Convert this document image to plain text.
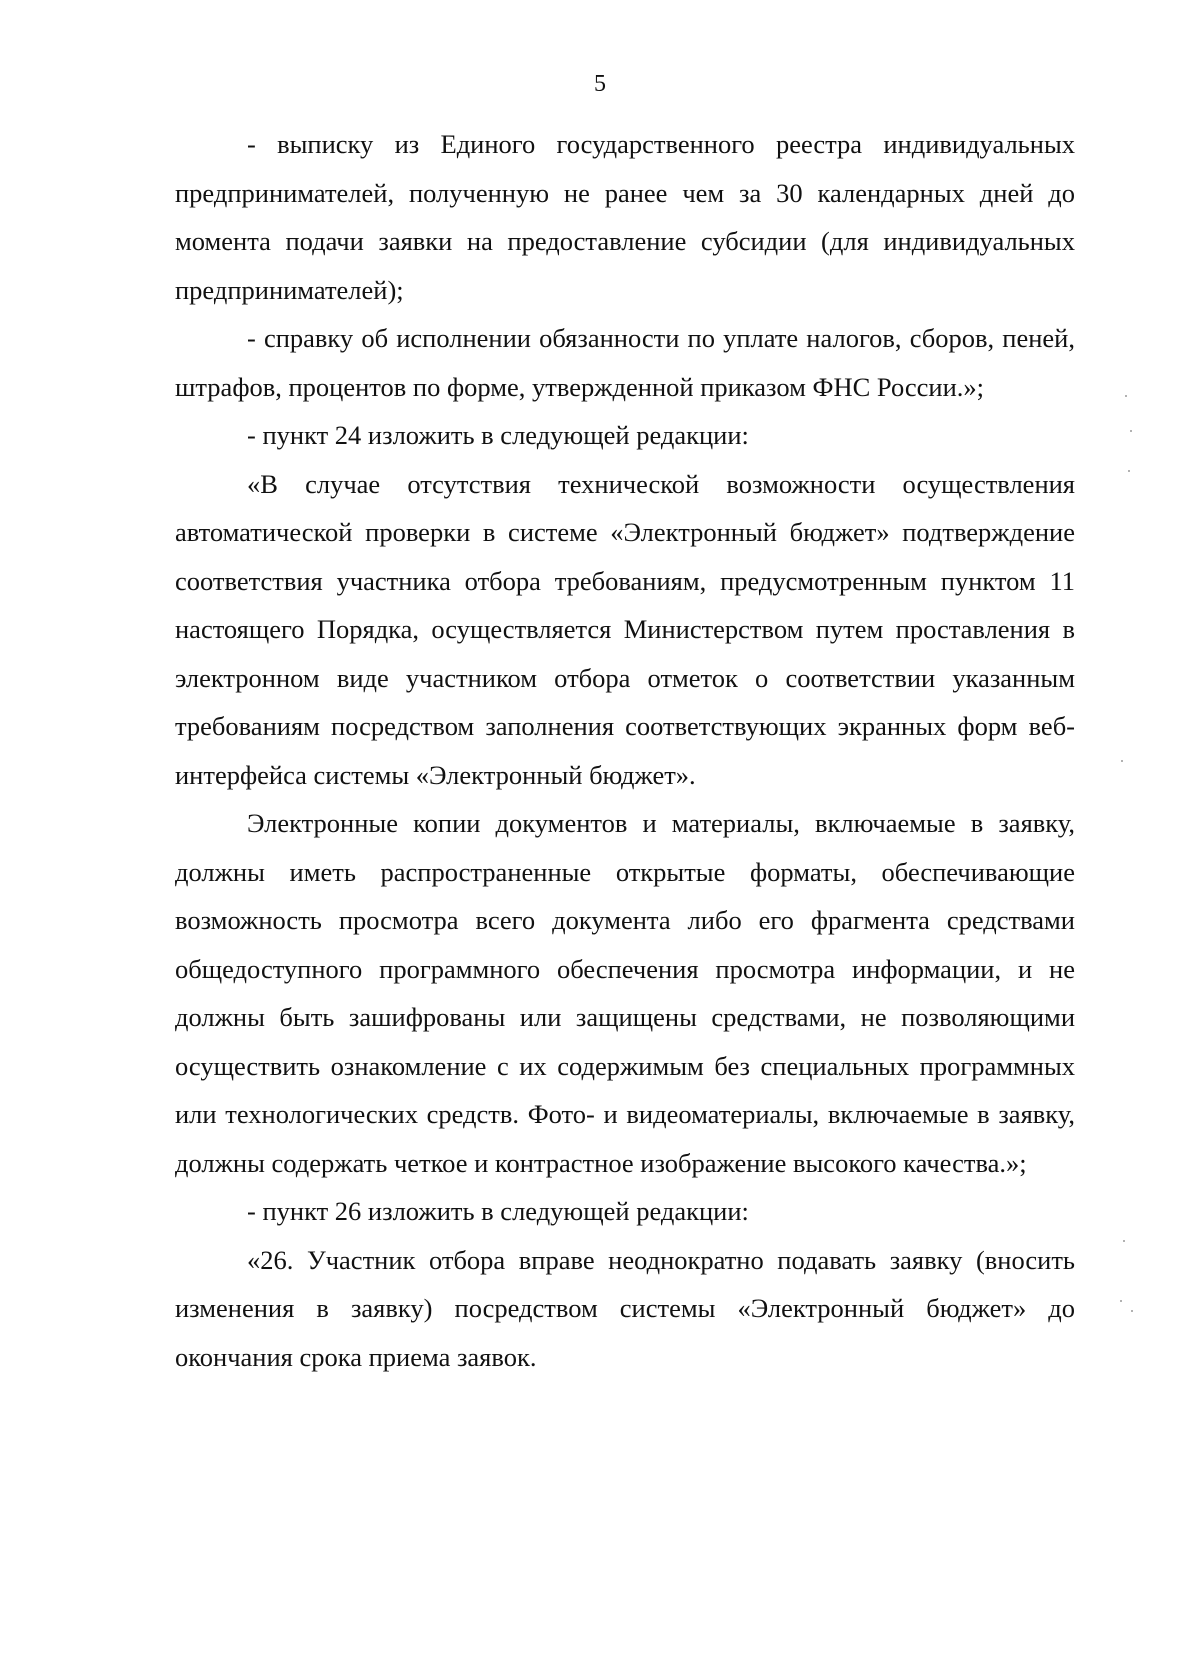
5

- выписку из Единого государственного реестра индивидуальных предпринимателей, полученную не ранее чем за 30 календарных дней до момента подачи заявки на предоставление субсидии (для индивидуальных предпринимателей);

- справку об исполнении обязанности по уплате налогов, сборов, пеней, штрафов, процентов по форме, утвержденной приказом ФНС России.»;

- пункт 24 изложить в следующей редакции:

«В случае отсутствия технической возможности осуществления автоматической проверки в системе «Электронный бюджет» подтверждение соответствия участника отбора требованиям, предусмотренным пунктом 11 настоящего Порядка, осуществляется Министерством путем проставления в электронном виде участником отбора отметок о соответствии указанным требованиям посредством заполнения соответствующих экранных форм веб-интерфейса системы «Электронный бюджет».

Электронные копии документов и материалы, включаемые в заявку, должны иметь распространенные открытые форматы, обеспечивающие возможность просмотра всего документа либо его фрагмента средствами общедоступного программного обеспечения просмотра информации, и не должны быть зашифрованы или защищены средствами, не позволяющими осуществить ознакомление с их содержимым без специальных программных или технологических средств. Фото- и видеоматериалы, включаемые в заявку, должны содержать четкое и контрастное изображение высокого качества.»;

- пункт 26 изложить в следующей редакции:

«26. Участник отбора вправе неоднократно подавать заявку (вносить изменения в заявку) посредством системы «Электронный бюджет» до окончания срока приема заявок.
